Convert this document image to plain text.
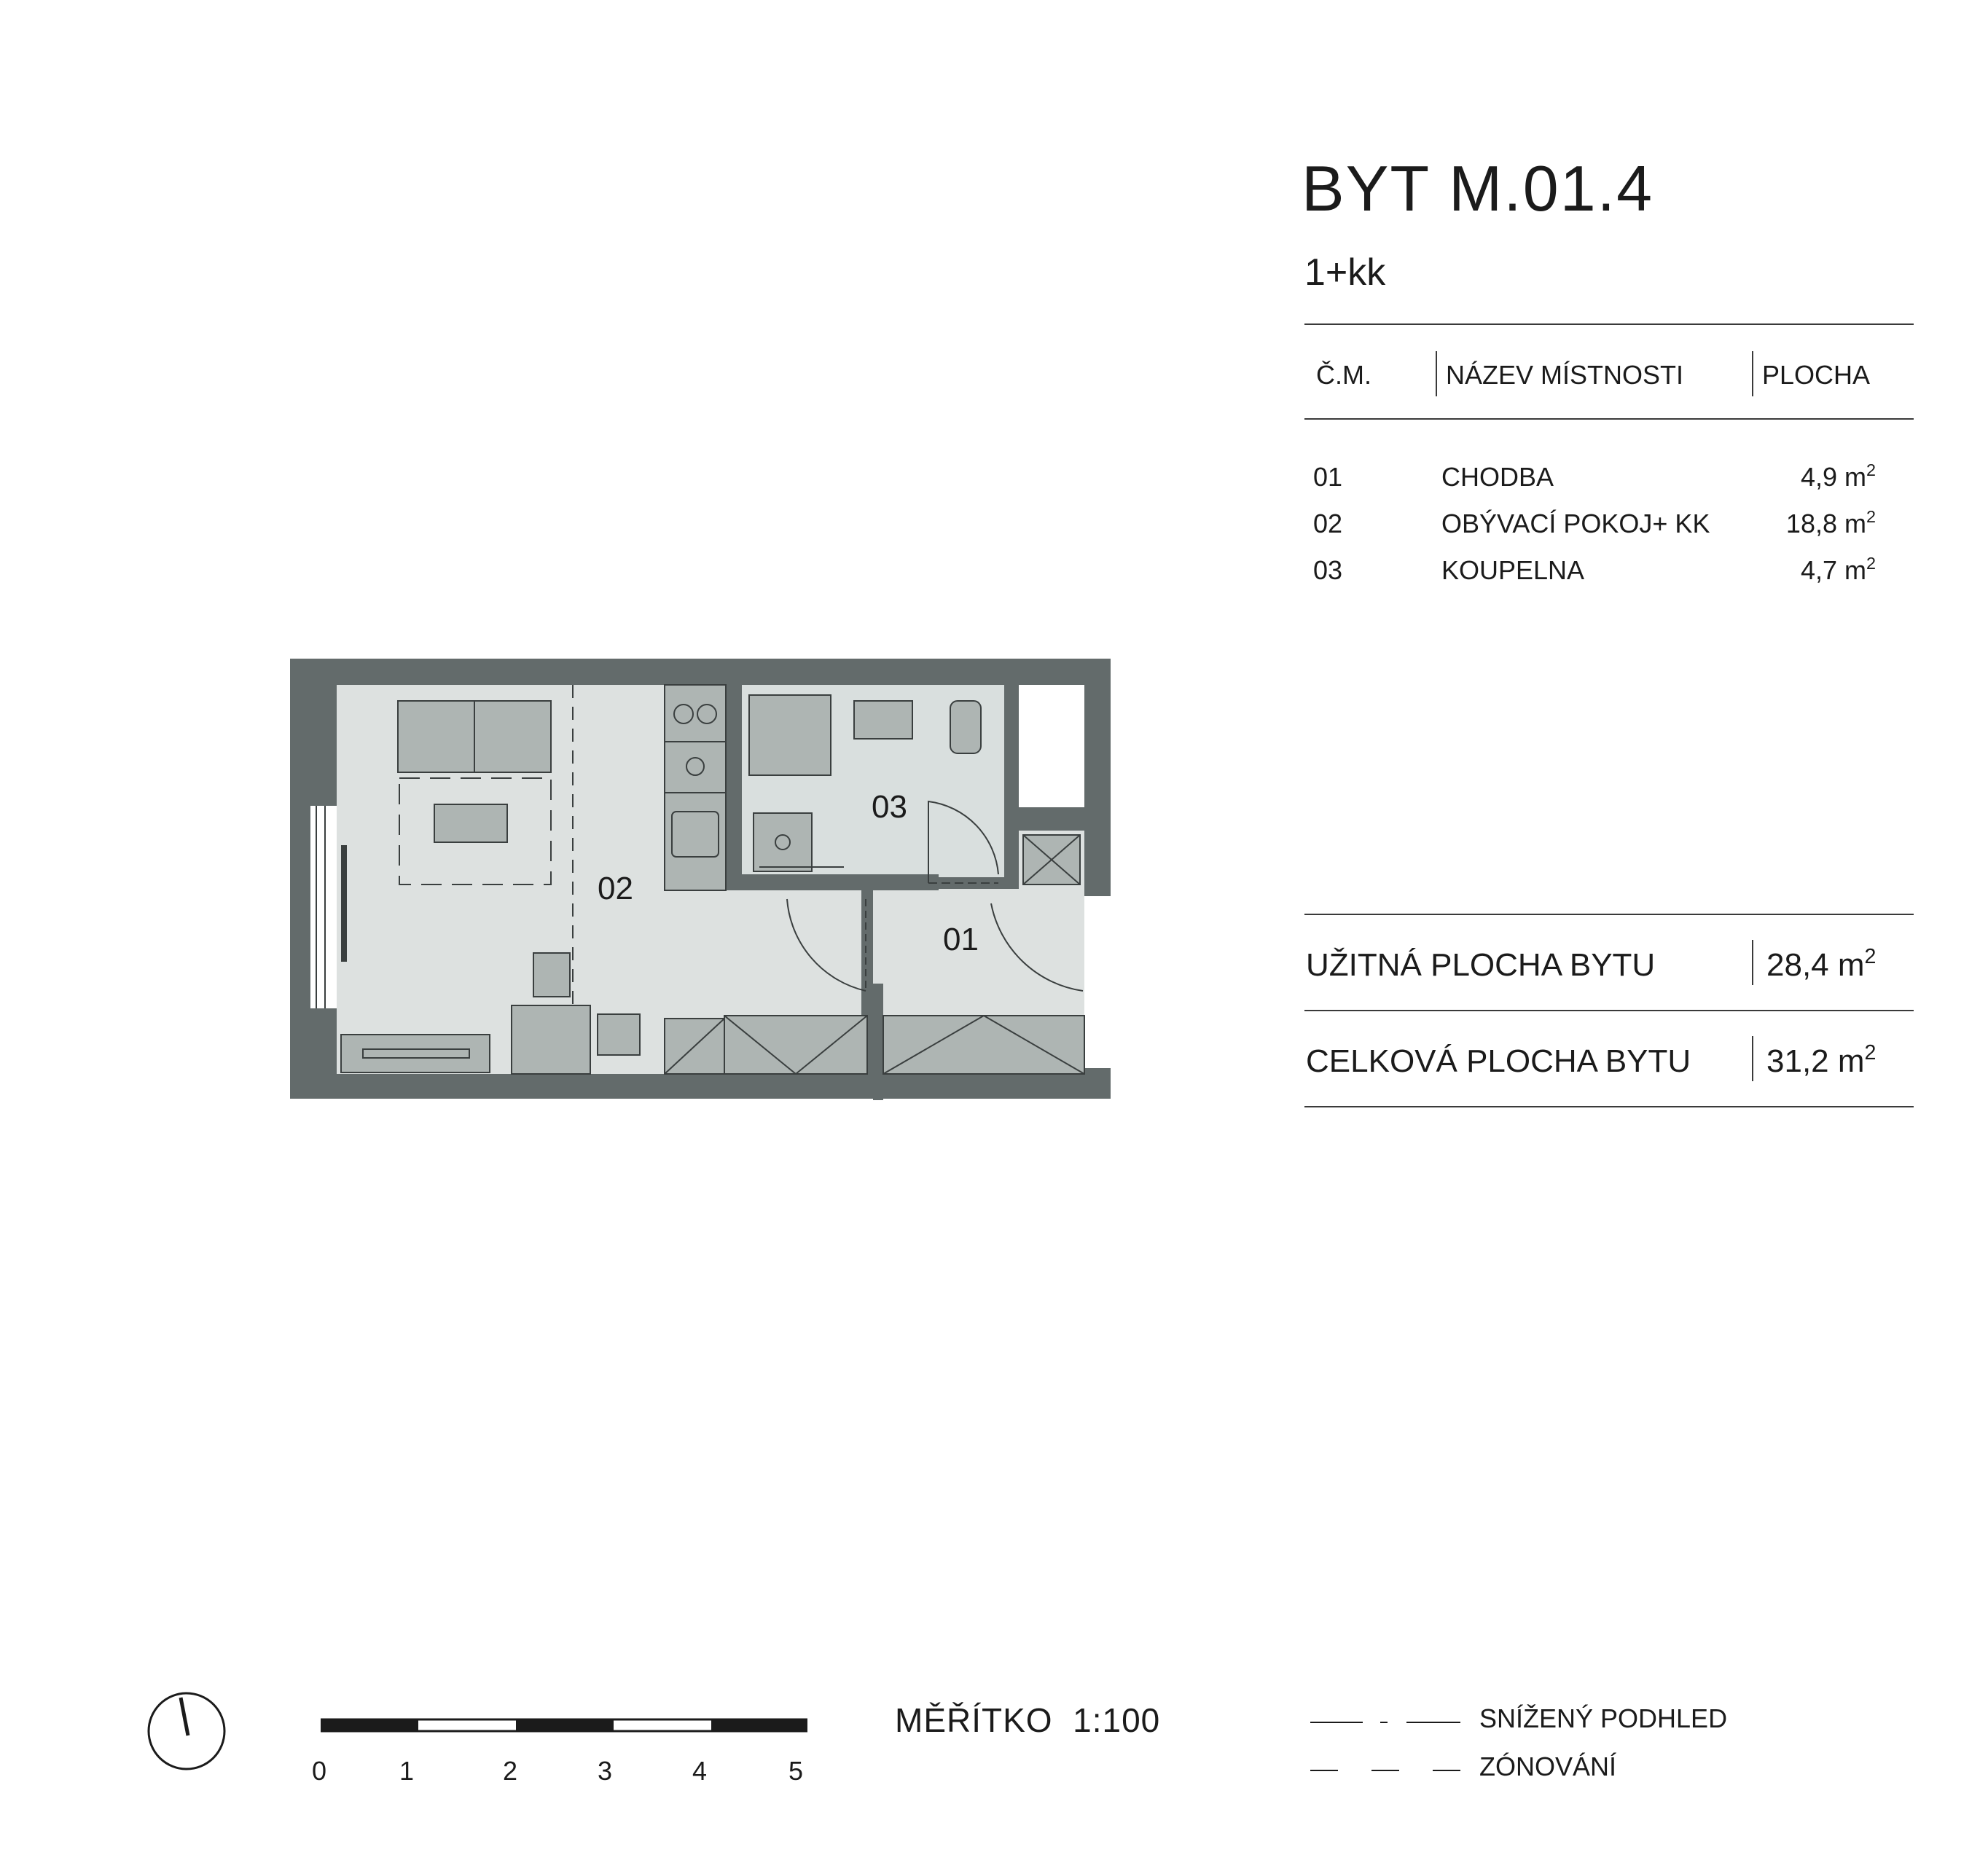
BYT M.01.4
1+kk
Č.M.	NÁZEV MÍSTNOSTI	PLOCHA
01	CHODBA	4,9 $m^2$
02	OBÝVACÍ POKOJ+ KK	18,8 $m^2$
03	KOUPELNA	4,7 $m^2$
UŽITNÁ PLOCHA BYTU	28,4 $m^2$
CELKOVÁ PLOCHA BYTU 31,2 $m^2$
02
03
01
0	1	2	3	4	5
MĚŘÍTKO  1:100	SNÍŽENÝ PODHLED
ZÓNOVÁNÍ
